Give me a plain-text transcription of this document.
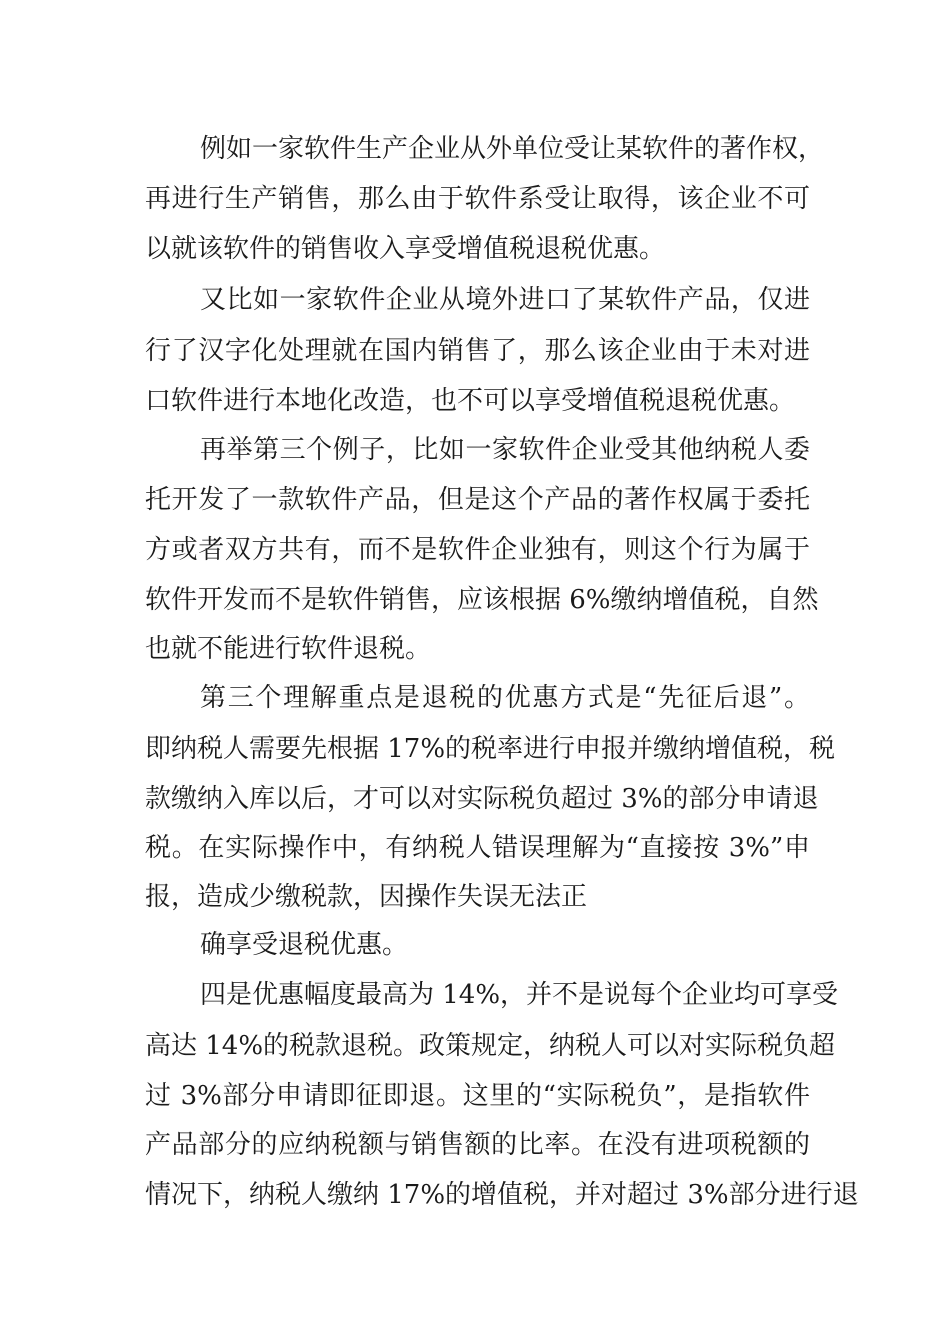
例如一家软件生产企业从外单位受让某软件的著作权，
再进行生产销售，那么由于软件系受让取得，该企业不可
以就该软件的销售收入享受增值税退税优惠。
又比如一家软件企业从境外进口了某软件产品，仅进
行了汉字化处理就在国内销售了，那么该企业由于未对进
口软件进行本地化改造，也不可以享受增值税退税优惠。
再举第三个例子，比如一家软件企业受其他纳税人委
托开发了一款软件产品，但是这个产品的著作权属于委托
方或者双方共有，而不是软件企业独有，则这个行为属于
软件开发而不是软件销售，应该根据 6%缴纳增值税，自然
也就不能进行软件退税。
第三个理解重点是退税的优惠方式是“先征后退”。
即纳税人需要先根据 17%的税率进行申报并缴纳增值税，税
款缴纳入库以后，才可以对实际税负超过 3%的部分申请退
税。在实际操作中，有纳税人错误理解为“直接按 3%”申
报，造成少缴税款，因操作失误无法正
确享受退税优惠。
四是优惠幅度最高为 14%，并不是说每个企业均可享受
高达 14%的税款退税。政策规定，纳税人可以对实际税负超
过 3%部分申请即征即退。这里的“实际税负”，是指软件
产品部分的应纳税额与销售额的比率。在没有进项税额的
情况下，纳税人缴纳 17%的增值税，并对超过 3%部分进行退
